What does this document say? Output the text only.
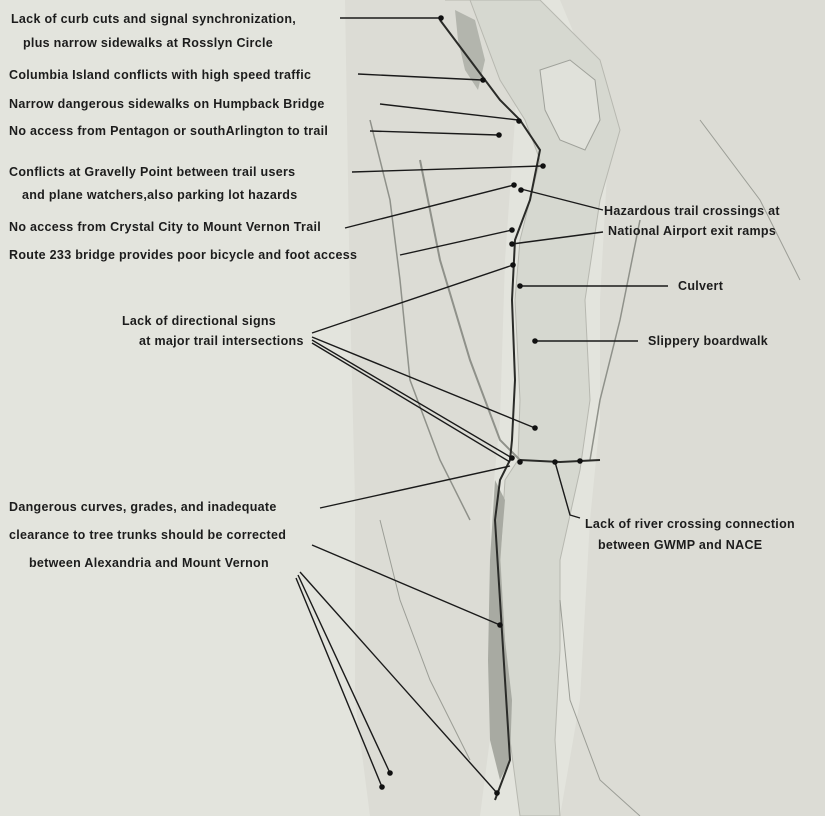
Lack of curb cuts and signal synchronization,
plus narrow sidewalks at Rosslyn Circle
Columbia Island conflicts with high speed traffic
Narrow dangerous sidewalks on Humpback Bridge
No access from Pentagon or southArlington to trail
Conflicts at Gravelly Point between trail users
and plane watchers,also parking lot hazards
No access from Crystal City to Mount Vernon Trail
Route 233 bridge provides poor bicycle and foot access
Hazardous trail crossings at
National Airport exit ramps
Culvert
Lack of directional signs
at major trail intersections	Slippery boardwalk
Dangerous curves, grades, and inadequate
clearance to tree trunks should be corrected
between Alexandria and Mount Vernon
Lack of river crossing connection
between GWMP and NACE
